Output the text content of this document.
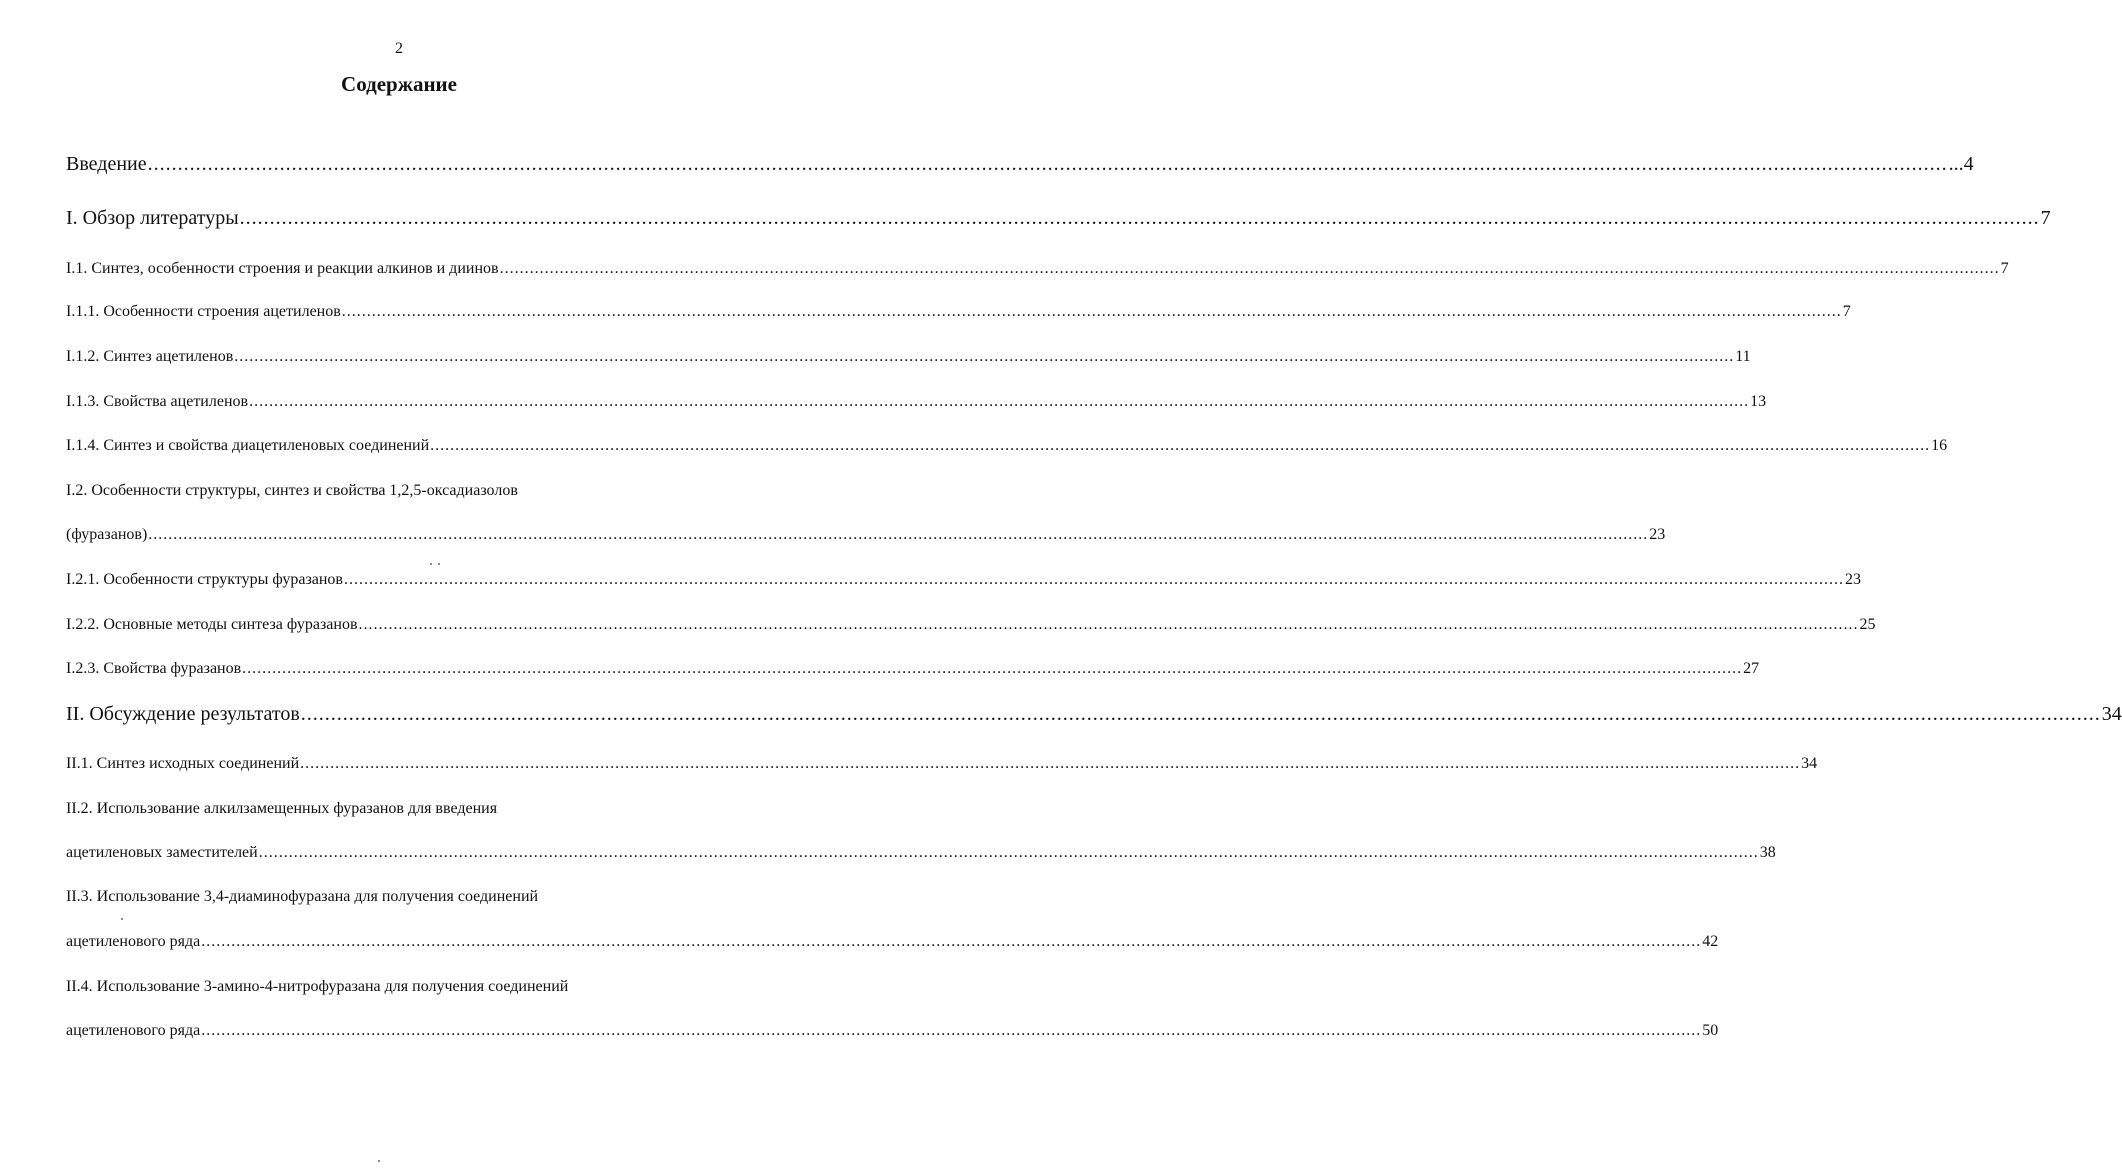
2
Содержание
Введение ............................................................................................................................................................................................................................................................................................................ ...4
I. Обзор литературы ............................................................................................................................................................................................................................................................................................................ 7
I.1. Синтез, особенности строения и реакции алкинов и диинов ............................................................................................................................................................................................................................................................................................................ 7
I.1.1. Особенности строения ацетиленов ............................................................................................................................................................................................................................................................................................................ 7
I.1.2. Синтез ацетиленов ............................................................................................................................................................................................................................................................................................................ 11
I.1.3. Свойства ацетиленов ............................................................................................................................................................................................................................................................................................................ 13
I.1.4. Синтез и свойства диацетиленовых соединений ............................................................................................................................................................................................................................................................................................................ 16
I.2. Особенности структуры, синтез и свойства 1,2,5-оксадиазолов
(фуразанов) ............................................................................................................................................................................................................................................................................................................ 23
I.2.1. Особенности структуры фуразанов ............................................................................................................................................................................................................................................................................................................ 23
I.2.2. Основные методы синтеза фуразанов ............................................................................................................................................................................................................................................................................................................ 25
I.2.3. Свойства фуразанов ............................................................................................................................................................................................................................................................................................................ 27
II. Обсуждение результатов ............................................................................................................................................................................................................................................................................................................ 34
II.1. Синтез исходных соединений ............................................................................................................................................................................................................................................................................................................ 34
II.2. Использование алкилзамещенных фуразанов для введения
ацетиленовых заместителей ............................................................................................................................................................................................................................................................................................................ 38
II.3. Использование 3,4-диаминофуразана для получения соединений
ацетиленового ряда ............................................................................................................................................................................................................................................................................................................ 42
II.4. Использование 3-амино-4-нитрофуразана для получения соединений
ацетиленового ряда ............................................................................................................................................................................................................................................................................................................ 50
